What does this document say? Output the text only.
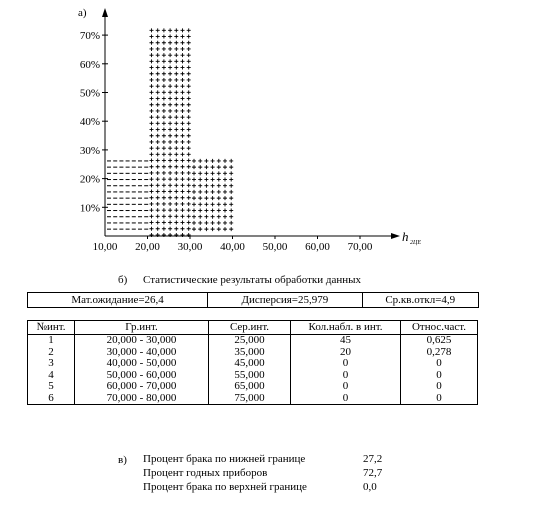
10%
20%
30%
40%
50%
60%
70%
10,00 20,00 30,00 40,00 50,00 60,00 70,00
а)
h 2ЦЕ
б) Статистические результаты обработки данных
Мат.ожидание=26,4	Дисперсия=25,979	Ср.кв.откл=4,9
№инт.	Гр.инт.	Сер.инт.	Кол.набл. в инт.	Относ.част.
1	20,000 - 30,000	25,000	45	0,625
2	30,000 - 40,000	35,000	20	0,278
3	40,000 - 50,000	45,000	0	0
4	50,000 - 60,000	55,000	0	0
5	60,000 - 70,000	65,000	0	0
6	70,000 - 80,000	75,000	0	0
в) Процент брака по нижней границе	27,2
Процент годных приборов	72,7
Процент брака по верхней границе	0,0
